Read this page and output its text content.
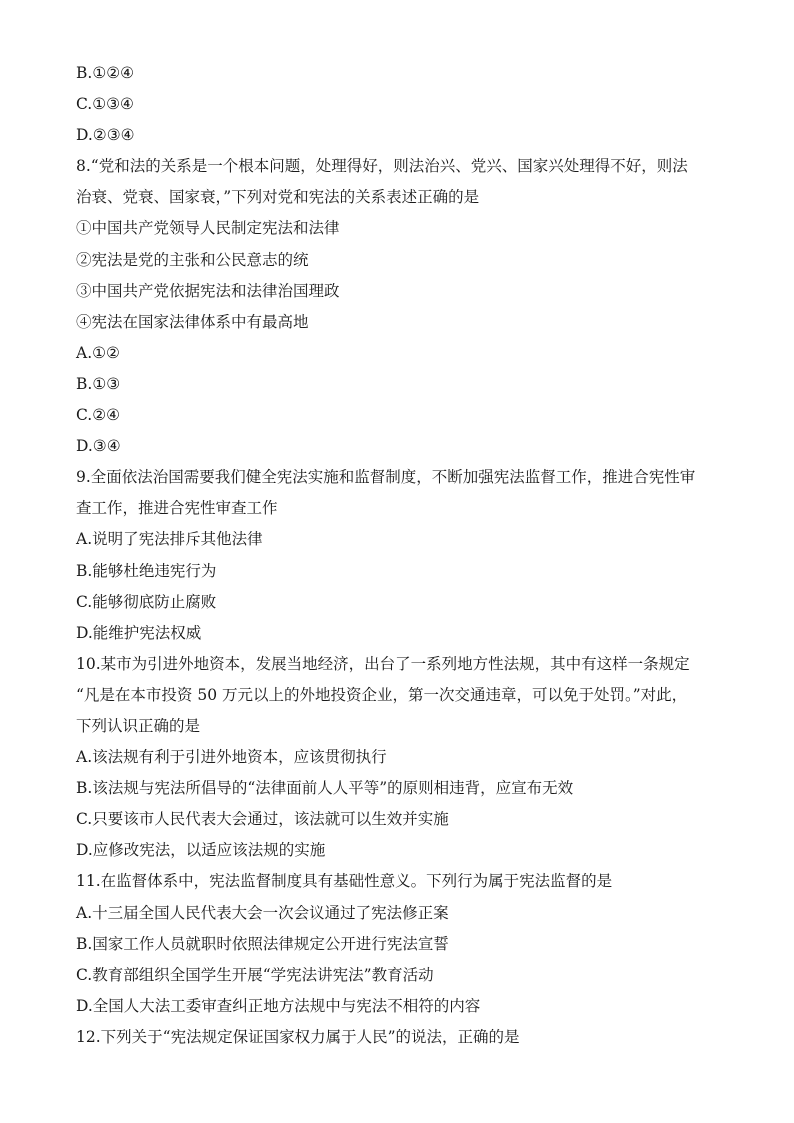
B.①②④
C.①③④
D.②③④
8.“党和法的关系是一个根本问题，处理得好，则法治兴、党兴、国家兴处理得不好，则法
治衰、党衰、国家衰，”下列对党和宪法的关系表述正确的是
①中国共产党领导人民制定宪法和法律
②宪法是党的主张和公民意志的统
③中国共产党依据宪法和法律治国理政
④宪法在国家法律体系中有最高地
A.①②
B.①③
C.②④
D.③④
9.全面依法治国需要我们健全宪法实施和监督制度，不断加强宪法监督工作，推进合宪性审
查工作，推进合宪性审查工作
A.说明了宪法排斥其他法律
B.能够杜绝违宪行为
C.能够彻底防止腐败
D.能维护宪法权威
10.某市为引进外地资本，发展当地经济，出台了一系列地方性法规，其中有这样一条规定
“凡是在本市投资 50 万元以上的外地投资企业，第一次交通违章，可以免于处罚。”对此，
下列认识正确的是
A.该法规有利于引进外地资本，应该贯彻执行
B.该法规与宪法所倡导的“法律面前人人平等”的原则相违背，应宣布无效
C.只要该市人民代表大会通过，该法就可以生效并实施
D.应修改宪法，以适应该法规的实施
11.在监督体系中，宪法监督制度具有基础性意义。下列行为属于宪法监督的是
A.十三届全国人民代表大会一次会议通过了宪法修正案
B.国家工作人员就职时依照法律规定公开进行宪法宣誓
C.教育部组织全国学生开展“学宪法讲宪法”教育活动
D.全国人大法工委审查纠正地方法规中与宪法不相符的内容
12.下列关于“宪法规定保证国家权力属于人民”的说法，正确的是
